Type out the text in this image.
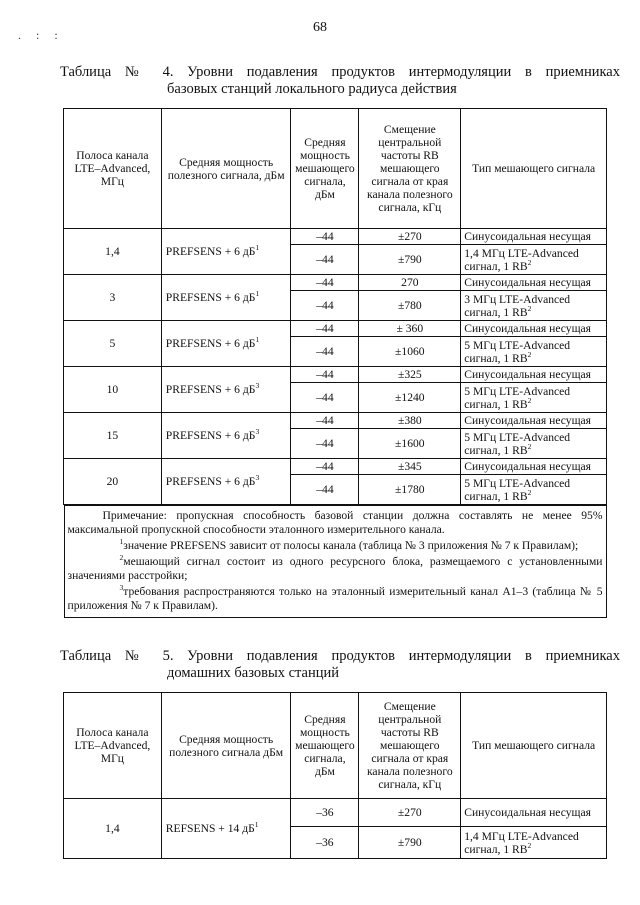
68
. : :
Таблица № 4. Уровни подавления продуктов интермодуляции в приемниках
базовых станций локального радиуса действия
Полоса канала LTE–Advanced, МГц	Средняя мощность полезного сигнала, дБм	Средняя мощность мешающего сигнала, дБм	Смещение центральной частоты RB мешающего сигнала от края канала полезного сигнала, кГц	Тип мешающего сигнала
1,4	PREFSENS + 6 $дБ^1$	–44	±270	Синусоидальная несущая
		–44	±790	1,4 МГц LTE-Advanced сигнал, 1 $RB^2$
3	PREFSENS + 6 $дБ^1$	–44	270	Синусоидальная несущая
		–44	±780	3 МГц LTE-Advanced сигнал, 1 $RB^2$
5	PREFSENS + 6 $дБ^1$	–44	± 360	Синусоидальная несущая
		–44	±1060	5 МГц LTE-Advanced сигнал, 1 $RB^2$
10	PREFSENS + 6 $дБ^3$	–44	±325	Синусоидальная несущая
		–44	±1240	5 МГц LTE-Advanced сигнал, 1 $RB^2$
15	PREFSENS + 6 $дБ^3$	–44	±380	Синусоидальная несущая
		–44	±1600	5 МГц LTE-Advanced сигнал, 1 $RB^2$
20	PREFSENS + 6 $дБ^3$	–44	±345	Синусоидальная несущая
		–44	±1780	5 МГц LTE-Advanced сигнал, 1 $RB^2$

Примечание: пропускная способность базовой станции должна составлять не менее 95% максимальной пропускной способности эталонного измерительного канала.

$^1$значение PREFSENS зависит от полосы канала (таблица № 3 приложения № 7 к Правилам);

$^2$мешающий сигнал состоит из одного ресурсного блока, размещаемого с установленными значениями расстройки;

$^3$требования распространяются только на эталонный измерительный канал А1–3 (таблица № 5 приложения № 7 к Правилам).				

Таблица № 5. Уровни подавления продуктов интермодуляции в приемниках
домашних базовых станций
Полоса канала LTE–Advanced, МГц	Средняя мощность полезного сигнала дБм	Средняя мощность мешающего сигнала, дБм	Смещение центральной частоты RB мешающего сигнала от края канала полезного сигнала, кГц	Тип мешающего сигнала
1,4	REFSENS + 14 $дБ^1$	–36	±270	Синусоидальная несущая
		–36	±790	1,4 МГц LTE-Advanced сигнал, 1 $RB^2$
